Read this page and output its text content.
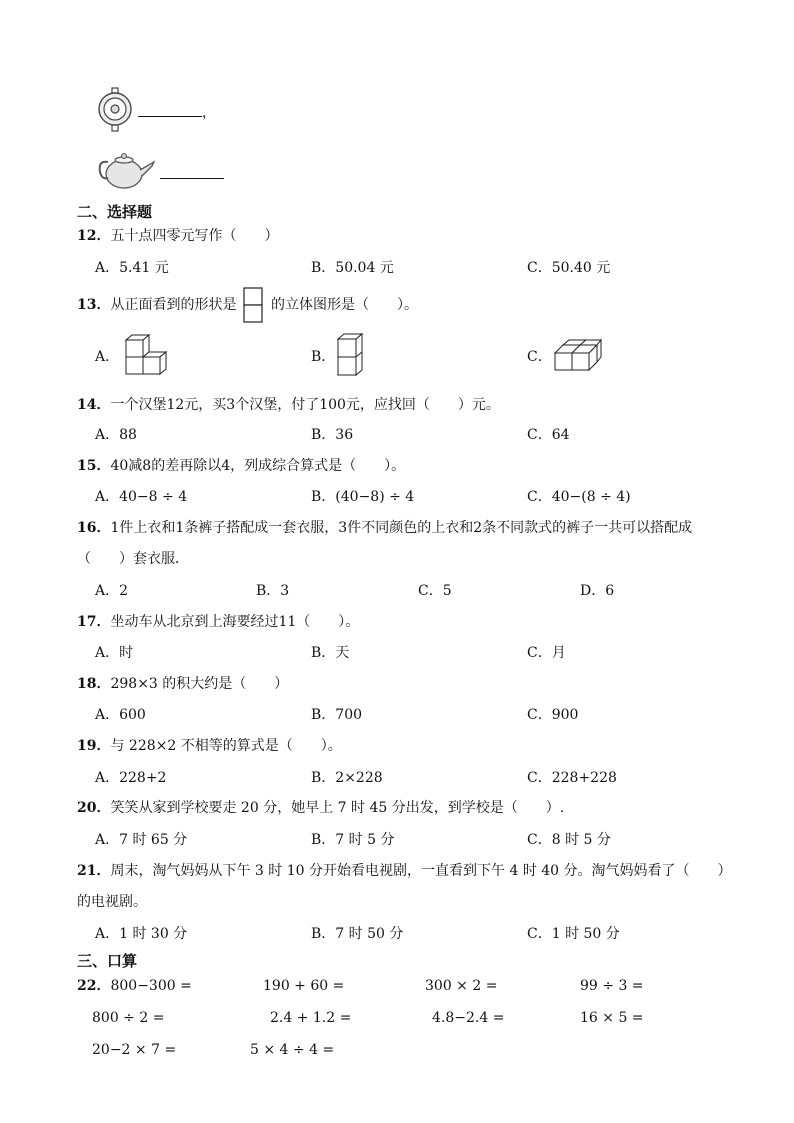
，
二、选择题
12．五十点四零元写作（　　）
A．5.41 元	B．50.04 元	C．50.40 元
13．从正面看到的形状是 的立体图形是（　　）。
A．	B．	C．
14．一个汉堡12元，买3个汉堡，付了100元，应找回（　　）元。
A．88	B．36	C．64
15．40减8的差再除以4，列成综合算式是（　　）。
A．40−8 ÷ 4	B．(40−8) ÷ 4	C．40−(8 ÷ 4)
16．1件上衣和1条裤子搭配成一套衣服，3件不同颜色的上衣和2条不同款式的裤子一共可以搭配成
（　　）套衣服．
A．2	B．3	C．5	D．6
17．坐动车从北京到上海要经过11（　　）。
A．时	B．天	C．月
18．298×3 的积大约是（　　）
A．600	B．700	C．900
19．与 228×2 不相等的算式是（　　）。
A．228+2	B．2×228	C．228+228
20．笑笑从家到学校要走 20 分，她早上 7 时 45 分出发，到学校是（　　）.
A．7 时 65 分	B．7 时 5 分	C．8 时 5 分
21．周末，淘气妈妈从下午 3 时 10 分开始看电视剧，一直看到下午 4 时 40 分。淘气妈妈看了（　　）
的电视剧。
A．1 时 30 分	B．7 时 50 分	C．1 时 50 分
三、口算
22．800−300 =	190 + 60 =	300 × 2 =	99 ÷ 3 =
800 ÷ 2 =	2.4 + 1.2 =	4.8−2.4 =	16 × 5 =
20−2 × 7 =	5 × 4 ÷ 4 =
